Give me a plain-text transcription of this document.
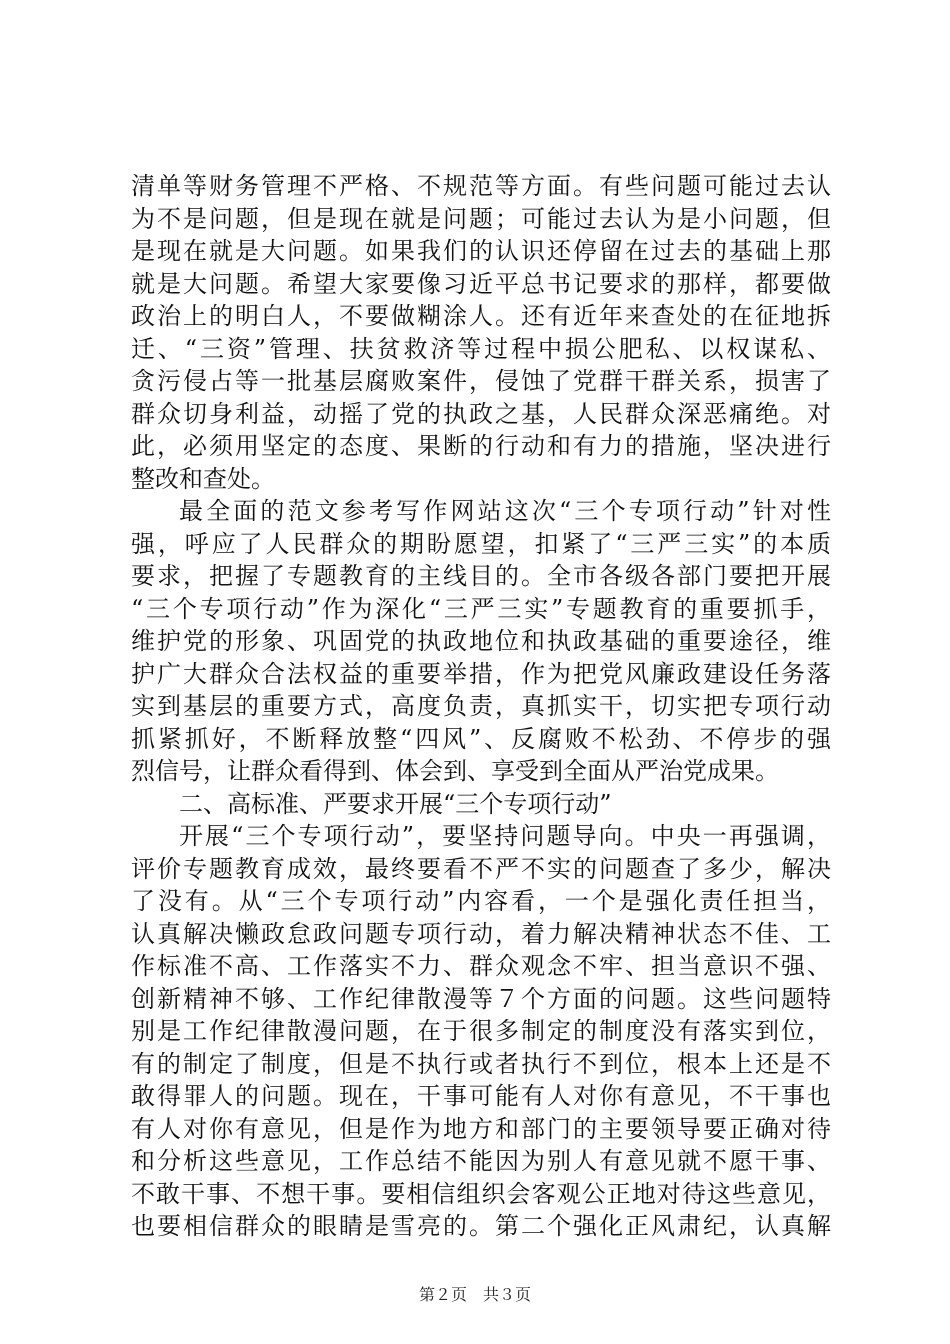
清单等财务管理不严格、不规范等方面。有些问题可能过去认
为不是问题，但是现在就是问题；可能过去认为是小问题，但
是现在就是大问题。如果我们的认识还停留在过去的基础上那
就是大问题。希望大家要像习近平总书记要求的那样，都要做
政治上的明白人，不要做糊涂人。还有近年来查处的在征地拆
迁、“三资”管理、扶贫救济等过程中损公肥私、以权谋私、
贪污侵占等一批基层腐败案件，侵蚀了党群干群关系，损害了
群众切身利益，动摇了党的执政之基，人民群众深恶痛绝。对
此，必须用坚定的态度、果断的行动和有力的措施，坚决进行
整改和查处。
最全面的范文参考写作网站这次“三个专项行动”针对性
强，呼应了人民群众的期盼愿望，扣紧了“三严三实”的本质
要求，把握了专题教育的主线目的。全市各级各部门要把开展
“三个专项行动”作为深化“三严三实”专题教育的重要抓手，
维护党的形象、巩固党的执政地位和执政基础的重要途径，维
护广大群众合法权益的重要举措，作为把党风廉政建设任务落
实到基层的重要方式，高度负责，真抓实干，切实把专项行动
抓紧抓好，不断释放整“四风”、反腐败不松劲、不停步的强
烈信号，让群众看得到、体会到、享受到全面从严治党成果。
二、高标准、严要求开展“三个专项行动”
开展“三个专项行动”，要坚持问题导向。中央一再强调，
评价专题教育成效，最终要看不严不实的问题查了多少，解决
了没有。从“三个专项行动”内容看，一个是强化责任担当，
认真解决懒政怠政问题专项行动，着力解决精神状态不佳、工
作标准不高、工作落实不力、群众观念不牢、担当意识不强、
创新精神不够、工作纪律散漫等７个方面的问题。这些问题特
别是工作纪律散漫问题，在于很多制定的制度没有落实到位，
有的制定了制度，但是不执行或者执行不到位，根本上还是不
敢得罪人的问题。现在，干事可能有人对你有意见，不干事也
有人对你有意见，但是作为地方和部门的主要领导要正确对待
和分析这些意见，工作总结不能因为别人有意见就不愿干事、
不敢干事、不想干事。要相信组织会客观公正地对待这些意见，
也要相信群众的眼睛是雪亮的。第二个强化正风肃纪，认真解
第２页　共３页
